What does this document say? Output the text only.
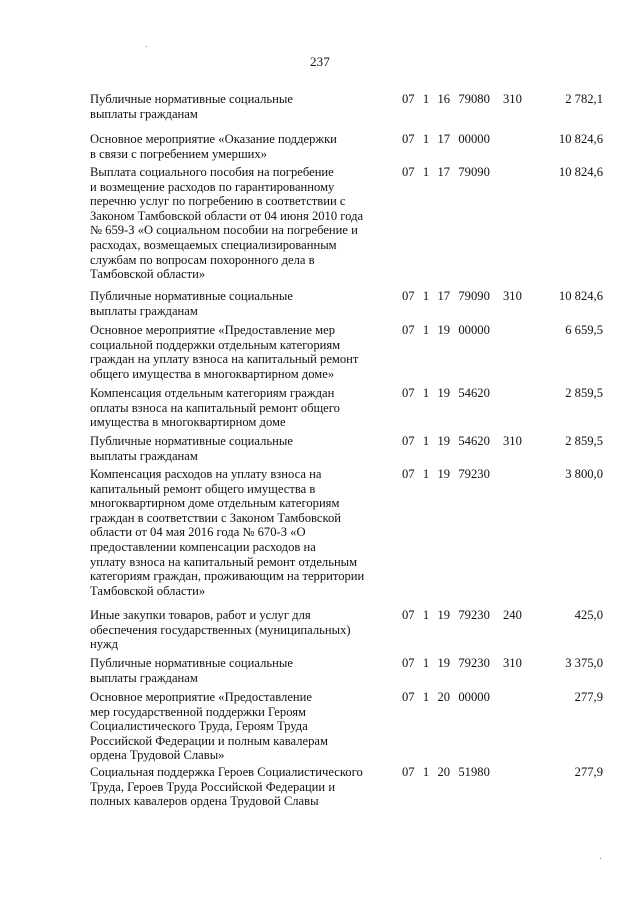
237
Публичные нормативные социальные
выплаты гражданам
07  1  16  79080 310	2 782,1
Основное мероприятие «Оказание поддержки
в связи с погребением умерших»
07  1  17  00000	10 824,6
Выплата социального пособия на погребение
и возмещение расходов по гарантированному
перечню услуг по погребению в соответствии с
Законом Тамбовской области от 04 июня 2010 года
№ 659-З «О социальном пособии на погребение и
расходах, возмещаемых специализированным
службам по вопросам похоронного дела в
Тамбовской области»
07  1  17  79090	10 824,6
Публичные нормативные социальные
выплаты гражданам
07  1  17  79090 310	10 824,6
Основное мероприятие «Предоставление мер
социальной поддержки отдельным категориям
граждан на уплату взноса на капитальный ремонт
общего имущества в многоквартирном доме»
07  1  19  00000	6 659,5
Компенсация отдельным категориям граждан
оплаты взноса на капитальный ремонт общего
имущества в многоквартирном доме
07  1  19  54620	2 859,5
Публичные нормативные социальные
выплаты гражданам
07  1  19  54620 310	2 859,5
Компенсация расходов на уплату взноса на
капитальный ремонт общего имущества в
многоквартирном доме отдельным категориям
граждан в соответствии с Законом Тамбовской
области от 04 мая 2016 года № 670-З «О
предоставлении компенсации расходов на
уплату взноса на капитальный ремонт отдельным
категориям граждан, проживающим на территории
Тамбовской области»
07  1  19  79230	3 800,0
Иные закупки товаров, работ и услуг для
обеспечения государственных (муниципальных)
нужд
07  1  19  79230 240	425,0
Публичные нормативные социальные
выплаты гражданам
07  1  19  79230 310	3 375,0
Основное мероприятие «Предоставление
мер государственной поддержки Героям
Социалистического Труда, Героям Труда
Российской Федерации и полным кавалерам
ордена Трудовой Славы»
07  1  20  00000	277,9
Социальная поддержка Героев Социалистического
Труда, Героев Труда Российской Федерации и
полных кавалеров ордена Трудовой Славы
07  1  20  51980	277,9
